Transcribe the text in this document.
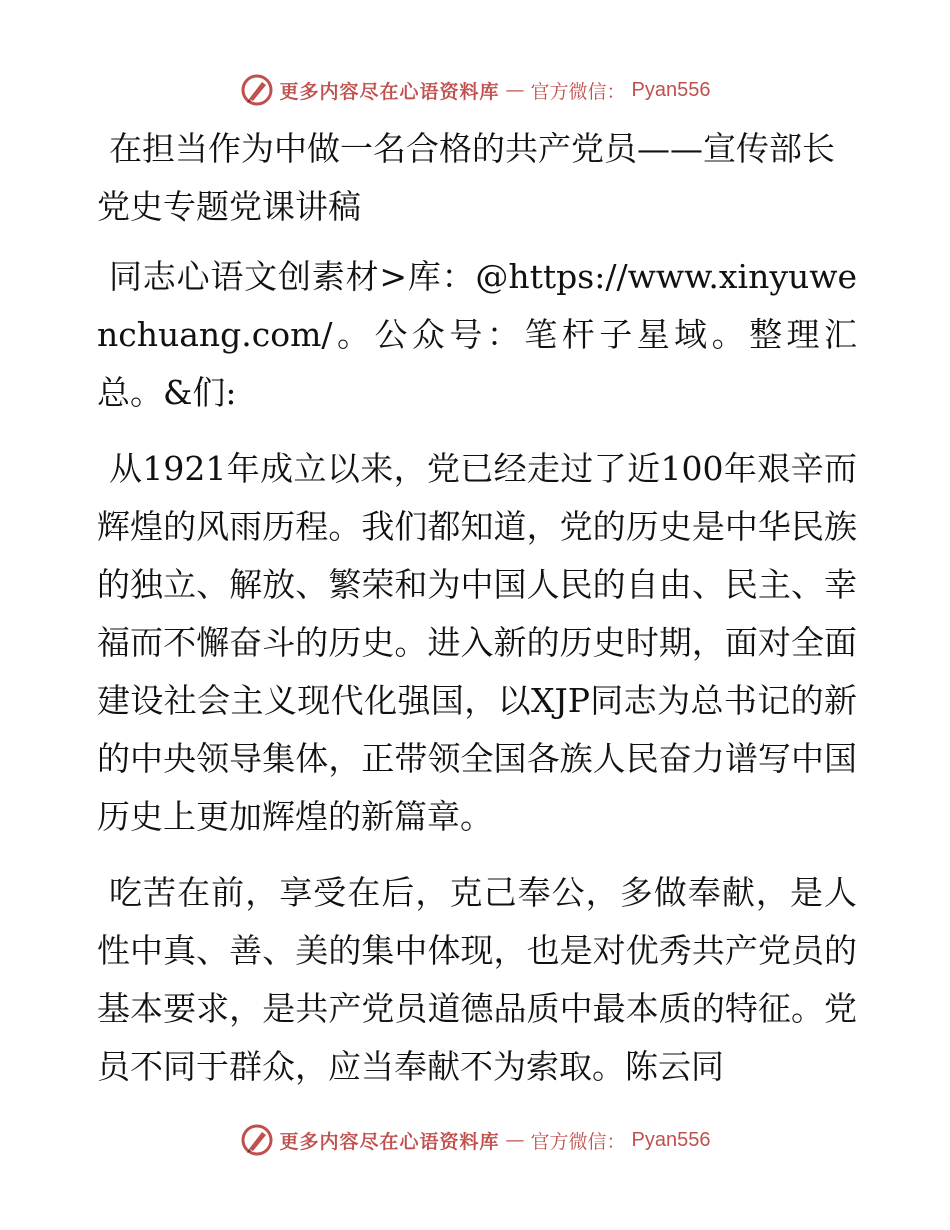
更多内容尽在心语资料库 — 官方微信： Pyan556

在担当作为中做一名合格的共产党员——宣传部长党史专题党课讲稿

同志心语文创素材>库：@https://www.xinyuwenchuang.com/。公众号：笔杆子星域。整理汇总。&们:

从1921年成立以来，党已经走过了近100年艰辛而辉煌的风雨历程。我们都知道，党的历史是中华民族的独立、解放、繁荣和为中国人民的自由、民主、幸福而不懈奋斗的历史。进入新的历史时期，面对全面建设社会主义现代化强国，以XJP同志为总书记的新的中央领导集体，正带领全国各族人民奋力谱写中国历史上更加辉煌的新篇章。

吃苦在前，享受在后，克己奉公，多做奉献，是人性中真、善、美的集中体现，也是对优秀共产党员的基本要求，是共产党员道德品质中最本质的特征。党员不同于群众，应当奉献不为索取。陈云同

更多内容尽在心语资料库 — 官方微信： Pyan556
